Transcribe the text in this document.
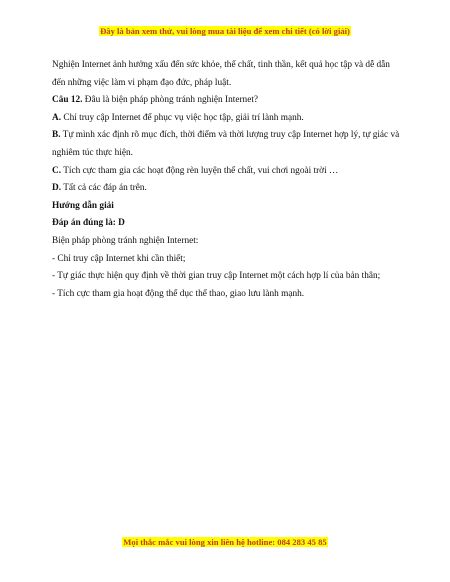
Đây là bản xem thử, vui lòng mua tài liệu để xem chi tiết (có lời giải)

Nghiện Internet ảnh hưởng xấu đến sức khỏe, thể chất, tinh thần, kết quả học tập và dễ dẫn đến những việc làm vi phạm đạo đức, pháp luật.

Câu 12. Đâu là biện pháp phòng tránh nghiện Internet?

A. Chỉ truy cập Internet để phục vụ việc học tập, giải trí lành mạnh.

B. Tự mình xác định rõ mục đích, thời điểm và thời lượng truy cập Internet hợp lý, tự giác và nghiêm túc thực hiện.

C. Tích cực tham gia các hoạt động rèn luyện thể chất, vui chơi ngoài trời …

D. Tất cả các đáp án trên.

Hướng dẫn giải

Đáp án đúng là: D

Biện pháp phòng tránh nghiện Internet:

- Chỉ truy cập Internet khi cần thiết;

- Tự giác thực hiện quy định về thời gian truy cập Internet một cách hợp lí của bản thân;

- Tích cực tham gia hoạt động thể dục thể thao, giao lưu lành mạnh.

Mọi thắc mắc vui lòng xin liên hệ hotline: 084 283 45 85
